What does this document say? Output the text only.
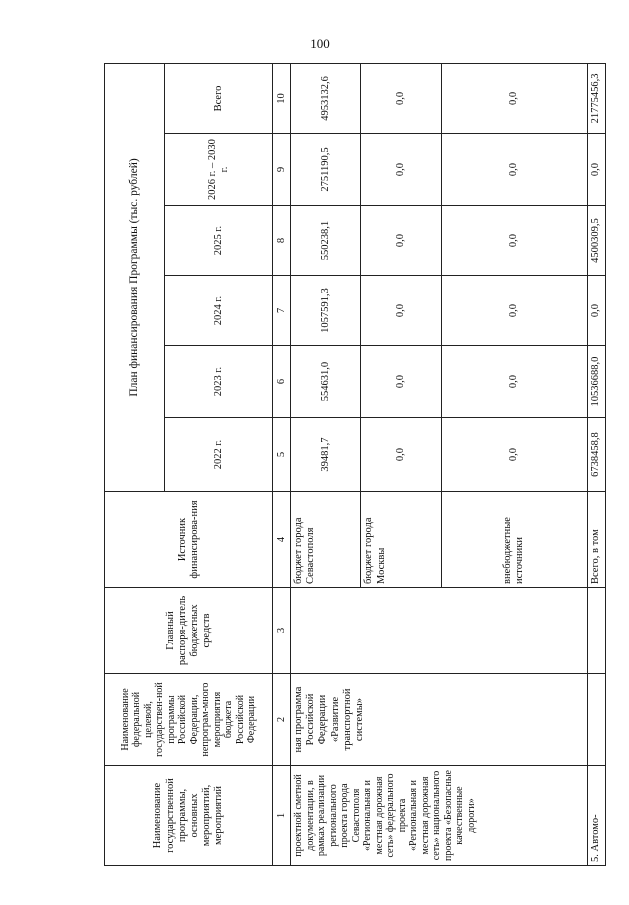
100
Наименование государственной программы, основных мероприятий, мероприятий	Наименование федеральной целевой, государствен-ной программы Российской Федерации, непрограм-много мероприятия бюджета Российской Федерации	Главный распоря-дитель бюджетных средств	Источник финансирова-ния	План финансирования Программы (тыс. рублей)					
				2022 г.	2023 г.	2024 г.	2025 г.	2026 г. – 2030 г.	Всего
1	2	3	4	5	6	7	8	9	10
проектной сметной документации, в рамках реализации регионального проекта города Севастополя «Региональная и местная дорожная сеть» федерального проекта «Региональная и местная дорожная сеть» национального проекта «Безопасные качественные дороги»	ная программа Российской Федерации «Развитие транспортной системы»		бюджет города Севастополя	39481,7	554631,0	1057591,3	550238,1	2751190,5	4953132,6
			бюджет города Москвы	0,0	0,0	0,0	0,0	0,0	0,0
			внебюджетные источники	0,0	0,0	0,0	0,0	0,0	0,0
5. Автомо-			Всего, в том	6738458,8	10536688,0	0,0	4500309,5	0,0	21775456,3
